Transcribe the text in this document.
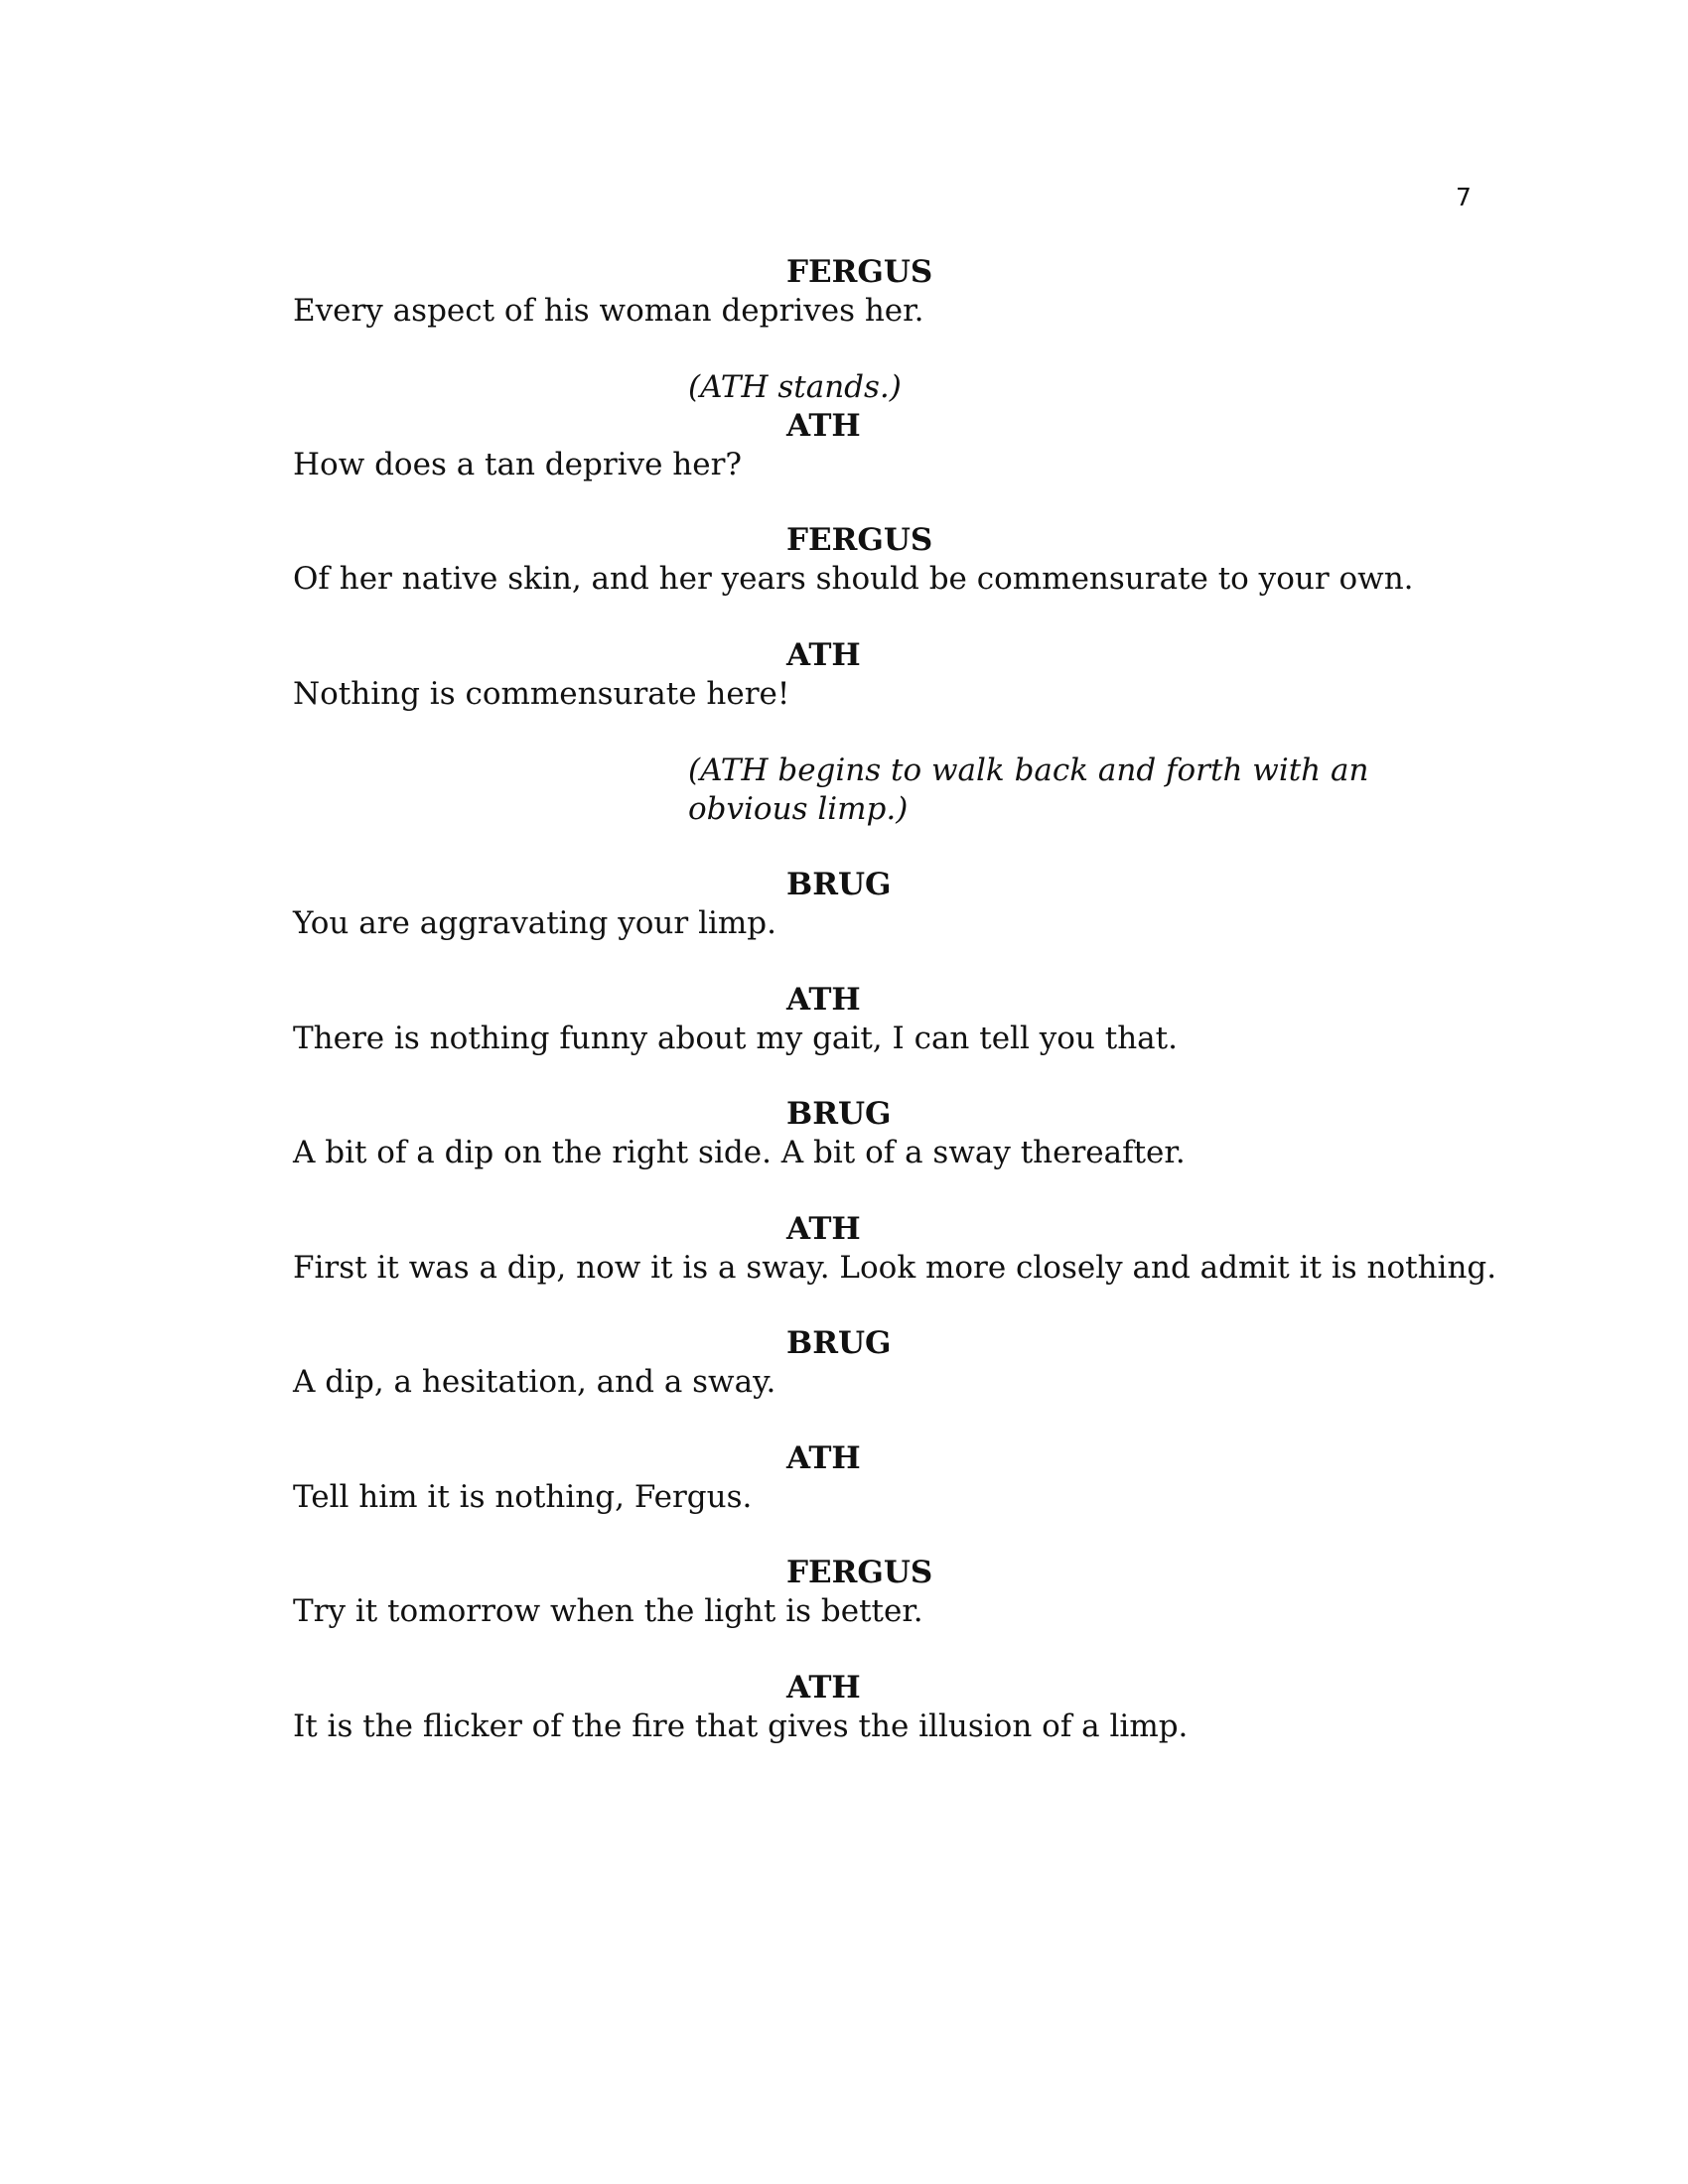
7
FERGUS
Every aspect of his woman deprives her.
(ATH stands.)
ATH
How does a tan deprive her?
FERGUS
Of her native skin, and her years should be commensurate to your own.
ATH
Nothing is commensurate here!
(ATH begins to walk back and forth with an obvious limp.)
BRUG
You are aggravating your limp.
ATH
There is nothing funny about my gait, I can tell you that.
BRUG
A bit of a dip on the right side. A bit of a sway thereafter.
ATH
First it was a dip, now it is a sway. Look more closely and admit it is nothing.
BRUG
A dip, a hesitation, and a sway.
ATH
Tell him it is nothing, Fergus.
FERGUS
Try it tomorrow when the light is better.
ATH
It is the flicker of the fire that gives the illusion of a limp.
